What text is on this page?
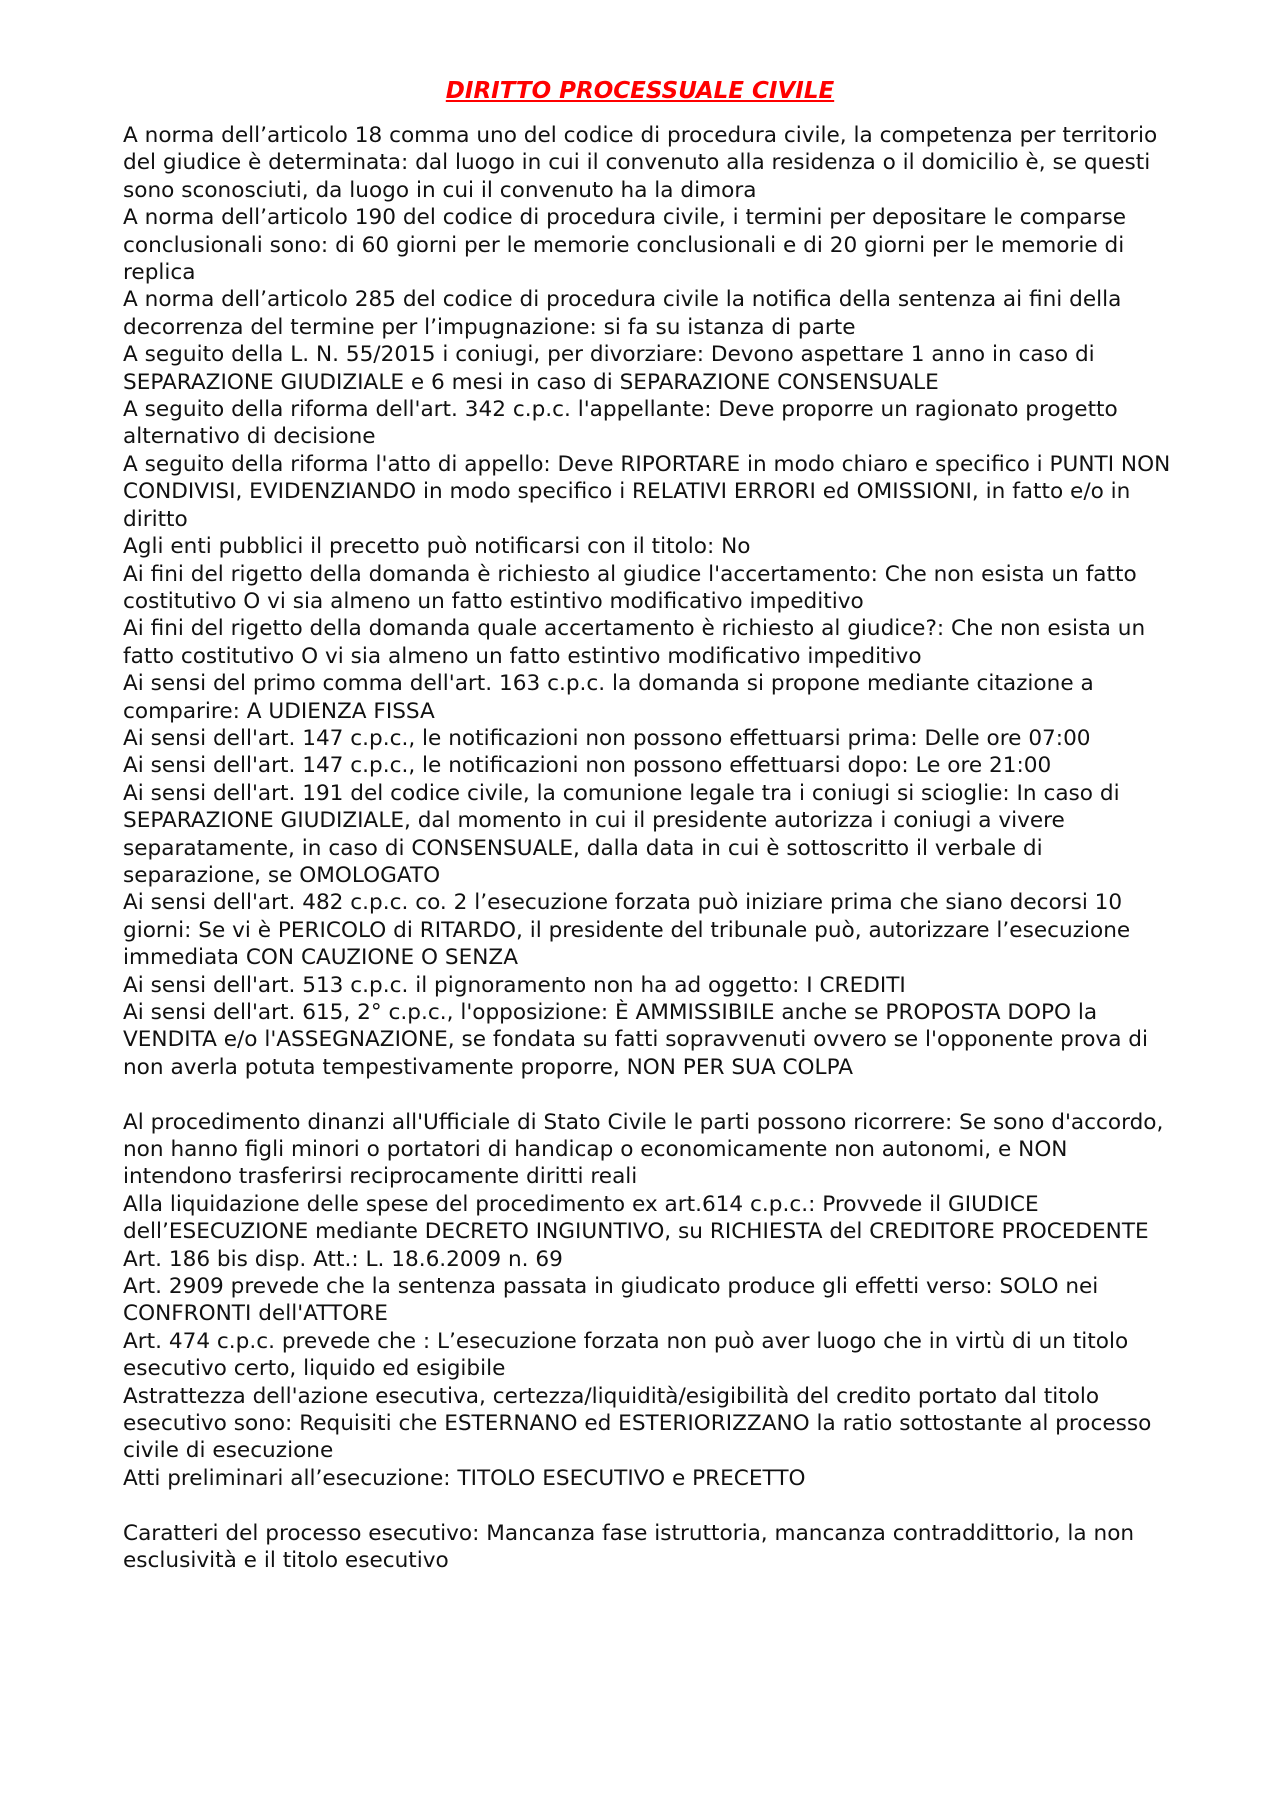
DIRITTO PROCESSUALE CIVILE

A norma dell’articolo 18 comma uno del codice di procedura civile, la competenza per territorio del giudice è determinata: dal luogo in cui il convenuto alla residenza o il domicilio è, se questi sono sconosciuti, da luogo in cui il convenuto ha la dimora

A norma dell’articolo 190 del codice di procedura civile, i termini per depositare le comparse conclusionali sono: di 60 giorni per le memorie conclusionali e di 20 giorni per le memorie di replica

A norma dell’articolo 285 del codice di procedura civile la notifica della sentenza ai fini della decorrenza del termine per l’impugnazione: si fa su istanza di parte

A seguito della L. N. 55/2015 i coniugi, per divorziare: Devono aspettare 1 anno in caso di SEPARAZIONE GIUDIZIALE e 6 mesi in caso di SEPARAZIONE CONSENSUALE

A seguito della riforma dell'art. 342 c.p.c. l'appellante: Deve proporre un ragionato progetto alternativo di decisione

A seguito della riforma l'atto di appello: Deve RIPORTARE in modo chiaro e specifico i PUNTI NON CONDIVISI, EVIDENZIANDO in modo specifico i RELATIVI ERRORI ed OMISSIONI, in fatto e/o in diritto

Agli enti pubblici il precetto può notificarsi con il titolo: No

Ai fini del rigetto della domanda è richiesto al giudice l'accertamento: Che non esista un fatto costitutivo O vi sia almeno un fatto estintivo modificativo impeditivo

Ai fini del rigetto della domanda quale accertamento è richiesto al giudice?: Che non esista un fatto costitutivo O vi sia almeno un fatto estintivo modificativo impeditivo

Ai sensi del primo comma dell'art. 163 c.p.c. la domanda si propone mediante citazione a comparire: A UDIENZA FISSA

Ai sensi dell'art. 147 c.p.c., le notificazioni non possono effettuarsi prima: Delle ore 07:00

Ai sensi dell'art. 147 c.p.c., le notificazioni non possono effettuarsi dopo: Le ore 21:00

Ai sensi dell'art. 191 del codice civile, la comunione legale tra i coniugi si scioglie: In caso di SEPARAZIONE GIUDIZIALE, dal momento in cui il presidente autorizza i coniugi a vivere separatamente, in caso di CONSENSUALE, dalla data in cui è sottoscritto il verbale di separazione, se OMOLOGATO

Ai sensi dell'art. 482 c.p.c. co. 2 l’esecuzione forzata può iniziare prima che siano decorsi 10 giorni: Se vi è PERICOLO di RITARDO, il presidente del tribunale può, autorizzare l’esecuzione immediata CON CAUZIONE O SENZA

Ai sensi dell'art. 513 c.p.c. il pignoramento non ha ad oggetto: I CREDITI

Ai sensi dell'art. 615, 2° c.p.c., l'opposizione: È AMMISSIBILE anche se PROPOSTA DOPO la VENDITA e/o l'ASSEGNAZIONE, se fondata su fatti sopravvenuti ovvero se l'opponente prova di non averla potuta tempestivamente proporre, NON PER SUA COLPA

Al procedimento dinanzi all'Ufficiale di Stato Civile le parti possono ricorrere: Se sono d'accordo, non hanno figli minori o portatori di handicap o economicamente non autonomi, e NON intendono trasferirsi reciprocamente diritti reali

Alla liquidazione delle spese del procedimento ex art.614 c.p.c.: Provvede il GIUDICE dell’ESECUZIONE mediante DECRETO INGIUNTIVO, su RICHIESTA del CREDITORE PROCEDENTE

Art. 186 bis disp. Att.: L. 18.6.2009 n. 69

Art. 2909 prevede che la sentenza passata in giudicato produce gli effetti verso: SOLO nei CONFRONTI dell'ATTORE

Art. 474 c.p.c. prevede che : L’esecuzione forzata non può aver luogo che in virtù di un titolo esecutivo certo, liquido ed esigibile

Astrattezza dell'azione esecutiva, certezza/liquidità/esigibilità del credito portato dal titolo esecutivo sono: Requisiti che ESTERNANO ed ESTERIORIZZANO la ratio sottostante al processo civile di esecuzione

Atti preliminari all’esecuzione: TITOLO ESECUTIVO e PRECETTO

Caratteri del processo esecutivo: Mancanza fase istruttoria, mancanza contraddittorio, la non esclusività e il titolo esecutivo
